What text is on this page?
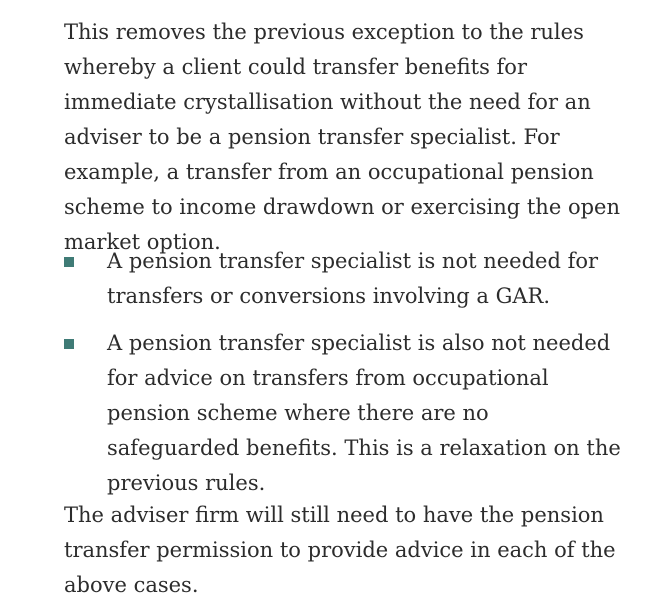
This removes the previous exception to the rules whereby a client could transfer benefits for immediate crystallisation without the need for an adviser to be a pension transfer specialist. For example, a transfer from an occupational pension scheme to income drawdown or exercising the open market option.

A pension transfer specialist is not needed for transfers or conversions involving a GAR.
A pension transfer specialist is also not needed for advice on transfers from occupational pension scheme where there are no safeguarded benefits. This is a relaxation on the previous rules.

The adviser firm will still need to have the pension transfer permission to provide advice in each of the above cases.
